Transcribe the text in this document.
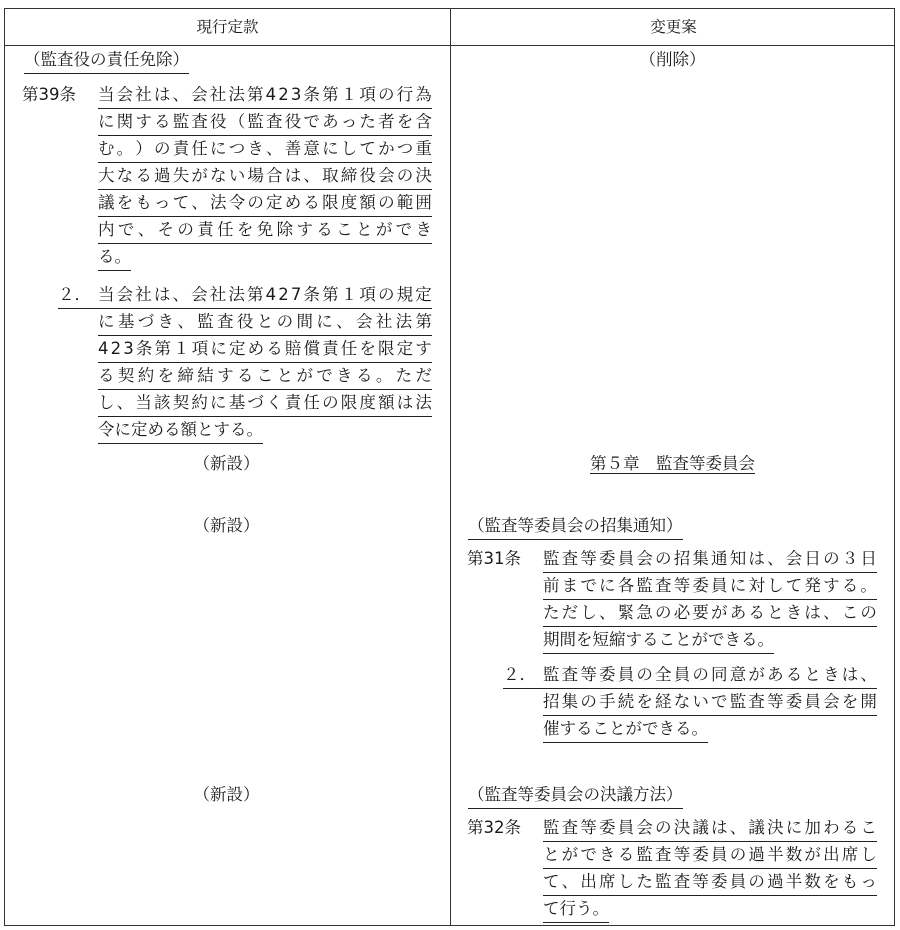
現行定款	変更案
（監査役の責任免除）
第39条 当 会 社 は 、 会 社 法 第 4 2 3 条 第 １ 項 の 行 為
に 関 す る 監 査 役 （ 監 査 役 で あ っ た 者 を 含
む 。 ） の 責 任 に つ き 、 善 意 に し て か つ 重
大 な る 過 失 が な い 場 合 は 、 取 締 役 会 の 決
議 を も っ て 、 法 令 の 定 め る 限 度 額 の 範 囲
内 で 、 そ の 責 任 を 免 除 す る こ と が で き
る。
２． 当 会 社 は 、 会 社 法 第 4 2 7 条 第 １ 項 の 規 定
に 基 づ き 、 監 査 役 と の 間 に 、 会 社 法 第
4 2 3 条 第 １ 項 に 定 め る 賠 償 責 任 を 限 定 す
る 契 約 を 締 結 す る こ と が で き る 。 た だ
し 、 当 該 契 約 に 基 づ く 責 任 の 限 度 額 は 法
令に定める額とする。
（新設）
（新設）
（新設）
（削除）
第５章　監査等委員会
（監査等委員会の招集通知）
第31条 監 査 等 委 員 会 の 招 集 通 知 は 、 会 日 の ３ 日
前 ま で に 各 監 査 等 委 員 に 対 し て 発 す る 。
た だ し 、 緊 急 の 必 要 が あ る と き は 、 こ の
期間を短縮することができる。
２． 監 査 等 委 員 の 全 員 の 同 意 が あ る と き は 、
招 集 の 手 続 を 経 な い で 監 査 等 委 員 会 を 開
催することができる。
（監査等委員会の決議方法）
第32条 監 査 等 委 員 会 の 決 議 は 、 議 決 に 加 わ る こ
と が で き る 監 査 等 委 員 の 過 半 数 が 出 席 し
て 、 出 席 し た 監 査 等 委 員 の 過 半 数 を も っ
て行う。
